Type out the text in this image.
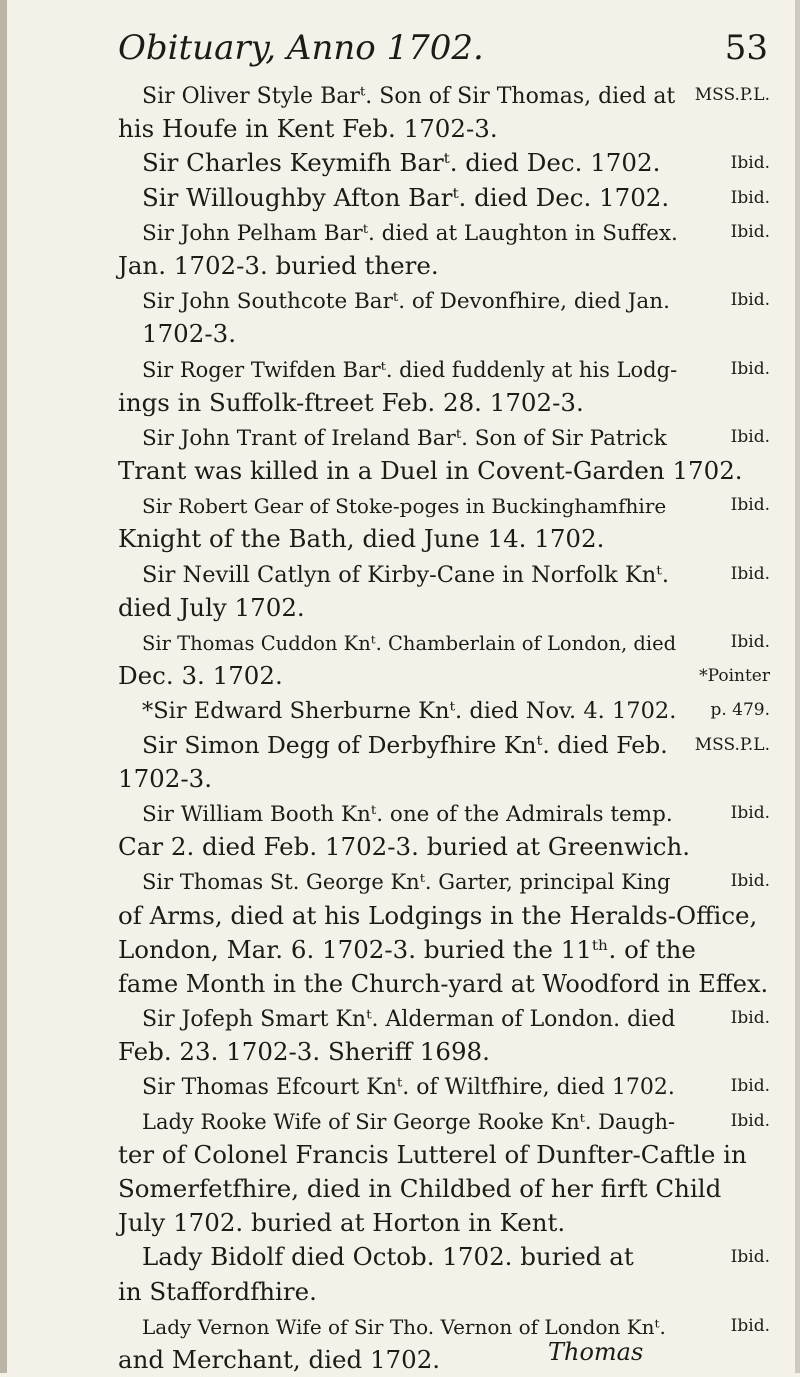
Obituary, Anno 1702.	53
Sir Oliver Style Barᵗ. Son of Sir Thomas, died at MSS.P.L.
his Houfe in Kent Feb. 1702-3.
Sir Charles Keymifh Barᵗ. died Dec. 1702.	Ibid.
Sir Willoughby Afton Barᵗ. died Dec. 1702.	Ibid.
Sir John Pelham Barᵗ. died at Laughton in Suffex.	Ibid.
Jan. 1702-3. buried there.
Sir John Southcote Barᵗ. of Devonfhire, died Jan.	Ibid.
1702-3.
Sir Roger Twifden Barᵗ. died fuddenly at his Lodg-	Ibid.
ings in Suffolk-ftreet Feb. 28. 1702-3.
Sir John Trant of Ireland Barᵗ. Son of Sir Patrick	Ibid.
Trant was killed in a Duel in Covent-Garden 1702.
Sir Robert Gear of Stoke-poges in Buckinghamfhire	Ibid.
Knight of the Bath, died June 14. 1702.
Sir Nevill Catlyn of Kirby-Cane in Norfolk Knᵗ.	Ibid.
died July 1702.
Sir Thomas Cuddon Knᵗ. Chamberlain of London, died	Ibid.
Dec. 3. 1702.	*Pointer
*Sir Edward Sherburne Knᵗ. died Nov. 4. 1702. p. 479.
Sir Simon Degg of Derbyfhire Knᵗ. died Feb. MSS.P.L.
1702-3.
Sir William Booth Knᵗ. one of the Admirals temp.	Ibid.
Car 2. died Feb. 1702-3. buried at Greenwich.
Sir Thomas St. George Knᵗ. Garter, principal King	Ibid.
of Arms, died at his Lodgings in the Heralds-Office,
London, Mar. 6. 1702-3. buried the 11ᵗʰ. of the
fame Month in the Church-yard at Woodford in Effex.
Sir Jofeph Smart Knᵗ. Alderman of London. died	Ibid.
Feb. 23. 1702-3. Sheriff 1698.
Sir Thomas Efcourt Knᵗ. of Wiltfhire, died 1702.	Ibid.
Lady Rooke Wife of Sir George Rooke Knᵗ. Daugh-	Ibid.
ter of Colonel Francis Lutterel of Dunfter-Caftle in
Somerfetfhire, died in Childbed of her firft Child
July 1702. buried at Horton in Kent.
Lady Bidolf died Octob. 1702. buried at	Ibid.
in Staffordfhire.
Lady Vernon Wife of Sir Tho. Vernon of London Knᵗ.	Ibid.
and Merchant, died 1702.	Thomas
